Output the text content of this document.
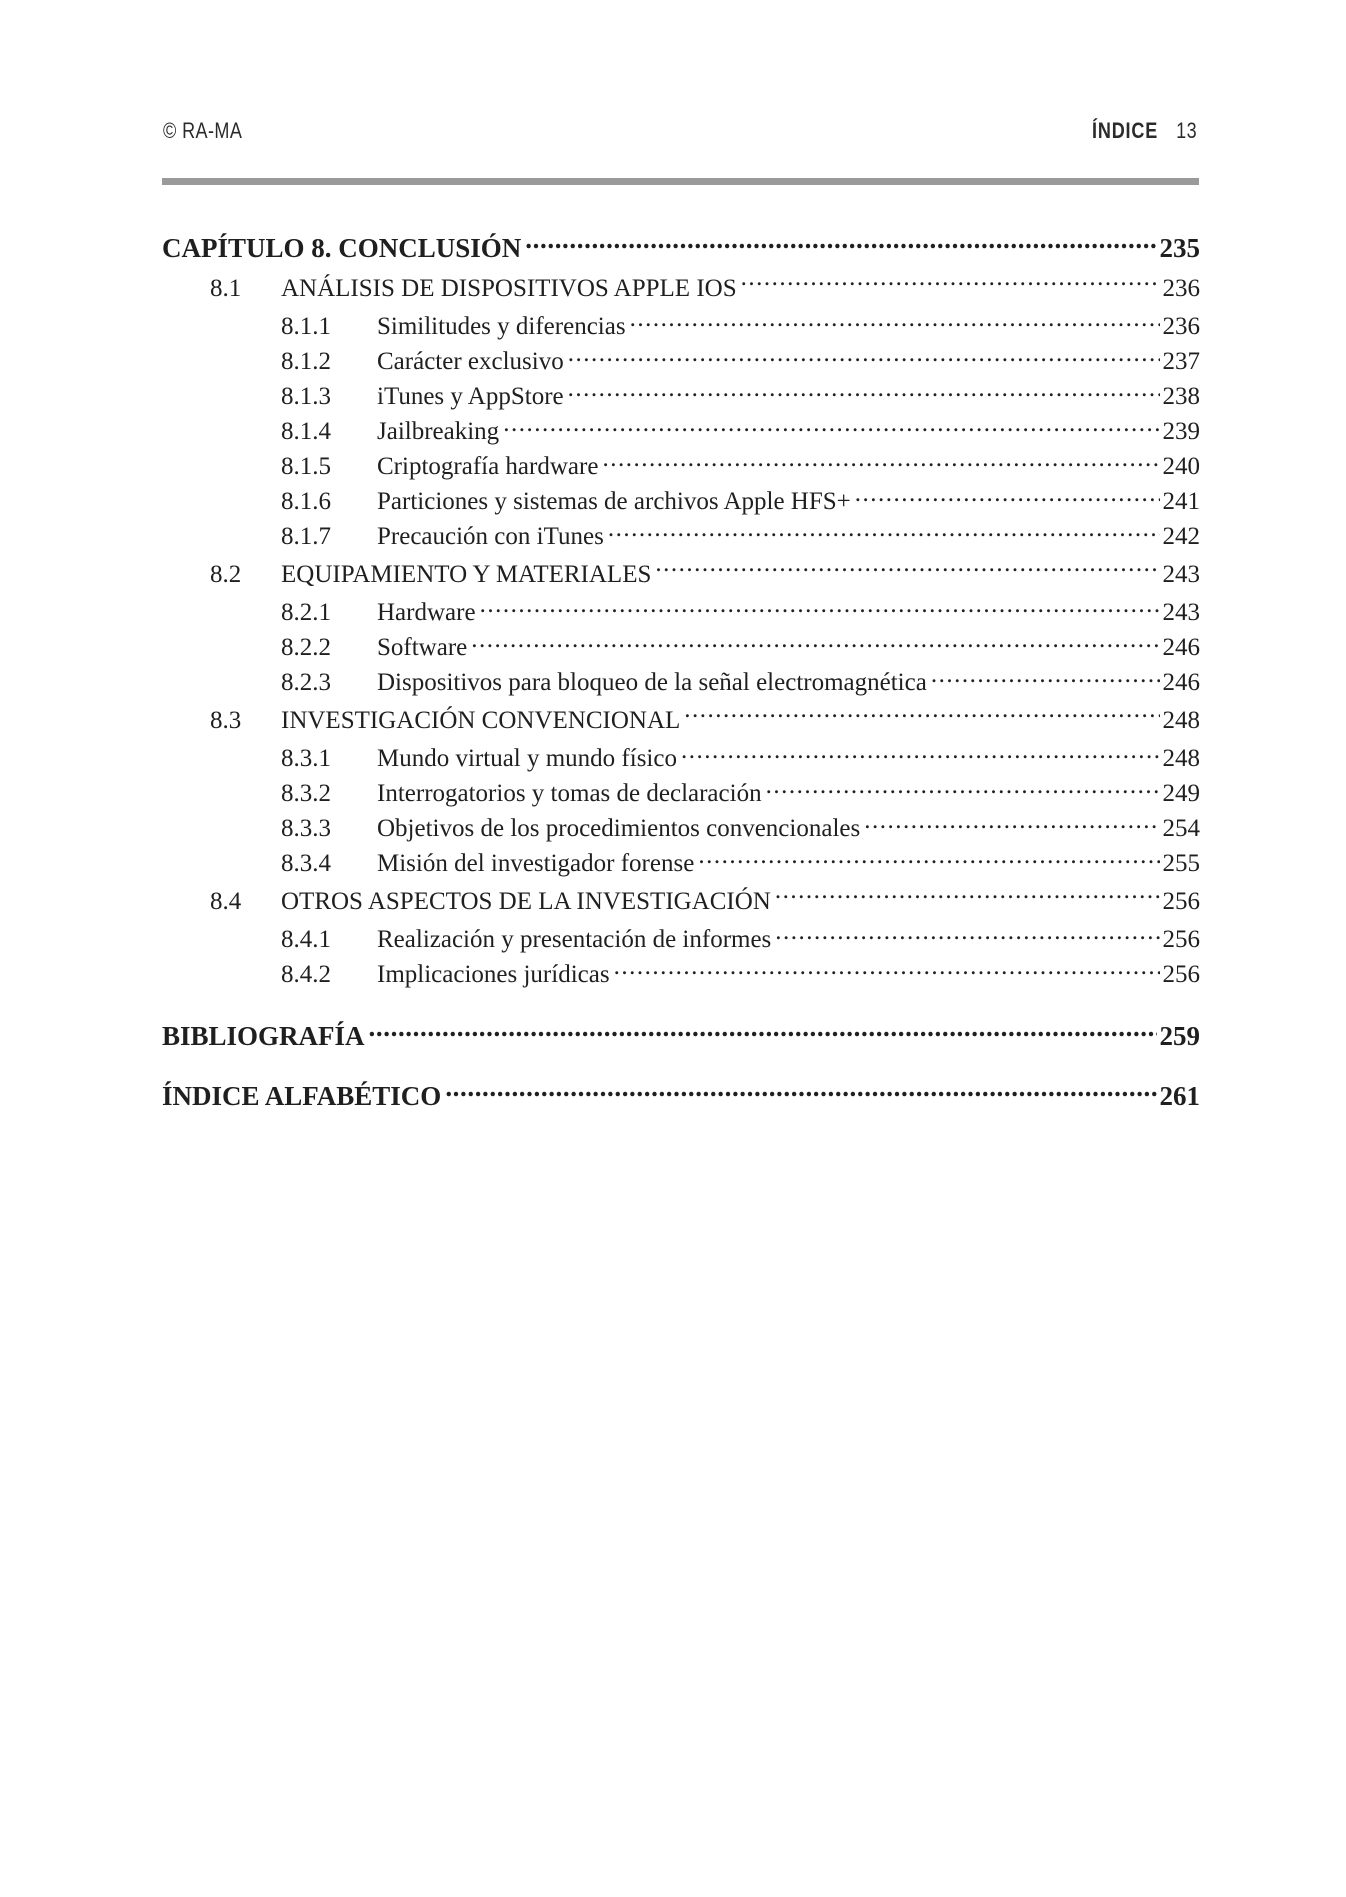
© RA-MA	ÍNDICE 13
CAPÍTULO 8. CONCLUSIÓN .....	235
8.1	ANÁLISIS DE DISPOSITIVOS APPLE IOS .....	236
8.1.1	Similitudes y diferencias .....	236
8.1.2	Carácter exclusivo .....	237
8.1.3	iTunes y AppStore .....	238
8.1.4	Jailbreaking .....	239
8.1.5	Criptografía hardware .....	240
8.1.6	Particiones y sistemas de archivos Apple HFS+ .....	241
8.1.7	Precaución con iTunes .....	242
8.2	EQUIPAMIENTO Y MATERIALES .....	243
8.2.1	Hardware .....	243
8.2.2	Software .....	246
8.2.3	Dispositivos para bloqueo de la señal electromagnética .....	246
8.3	INVESTIGACIÓN CONVENCIONAL .....	248
8.3.1	Mundo virtual y mundo físico .....	248
8.3.2	Interrogatorios y tomas de declaración .....	249
8.3.3	Objetivos de los procedimientos convencionales .....	254
8.3.4	Misión del investigador forense .....	255
8.4	OTROS ASPECTOS DE LA INVESTIGACIÓN .....	256
8.4.1	Realización y presentación de informes .....	256
8.4.2	Implicaciones jurídicas .....	256
BIBLIOGRAFÍA .....	259
ÍNDICE ALFABÉTICO .....	261
